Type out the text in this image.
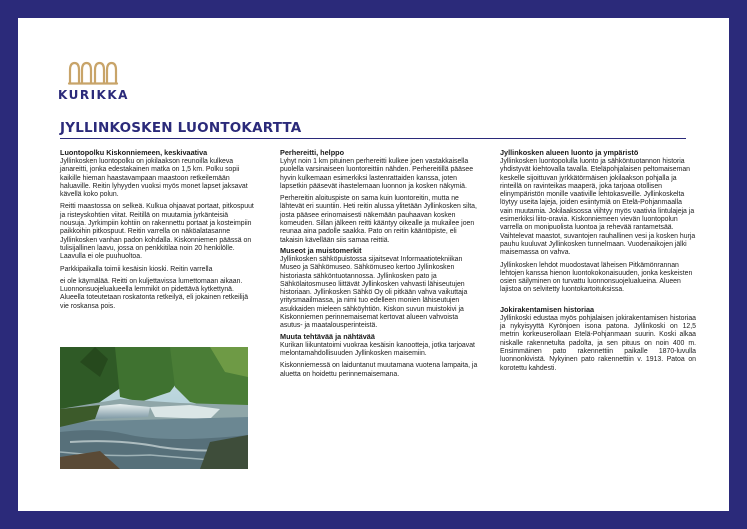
KURIKKA
JYLLINKOSKEN LUONTOKARTTA
Luontopolku Kiskonniemeen, keskivaativa

Jyllinkosken luontopolku on jokilaakson reunoilla kulkeva janareitti, jonka edestakainen matka on 1,5 km. Polku sopii kaikille hieman haastavampaan maastoon retkeilemään haluaville. Reitin lyhyyden vuoksi myös monet lapset jaksavat kävellä koko polun.

Reitti maastossa on selkeä. Kulkua ohjaavat portaat, pitkospuut ja risteyskohtien viitat. Reitillä on muutamia jyrkänteisiä nousuja. Jyrkimpiin kohtiin on rakennettu portaat ja kosteimpiin paikkoihin pitkospuut. Reitin varrella on näköalatasanne Jyllinkosken vanhan padon kohdalla. Kiskonniemen päässä on tulisijallinen laavu, jossa on penkkitilaa noin 20 henkilölle. Laavulla ei ole puuhuoltoa.

Parkkipaikalla toimii kesäisin kioski. Reitin varrella

ei ole käymälää. Reitti on kuljettavissa lumettomaan aikaan. Luonnonsuojelualueella lemmikit on pidettävä kytkettynä. Alueella toteutetaan roskatonta retkeilyä, eli jokainen retkeilijä vie roskansa pois.

Perhereitti, helppo

Lyhyt noin 1 km pituinen perhereitti kulkee joen vastakkaisella puolella varsinaiseen luontoreittiin nähden. Perhereitillä pääsee hyvin kulkemaan esimerkiksi lastenrattaiden kanssa, joten lapsetkin pääsevät ihastelemaan luonnon ja kosken näkymiä.

Perhereitin aloituspiste on sama kuin luontoreitin, mutta ne lähtevät eri suuntiin. Heti reitin alussa ylitetään Jyllinkosken silta, josta pääsee erinomaisesti näkemään pauhaavan kosken komeuden. Sillan jälkeen reitti kääntyy oikealle ja mukailee joen reunaa aina padolle saakka. Pato on reitin kääntöpiste, eli takaisin kävellään siis samaa reittiä.

Museot ja muistomerkit

Jyllinkosken sähköpuistossa sijaitsevat Informaatiotekniikan Museo ja Sähkömuseo. Sähkömuseo kertoo Jyllinkosken historiasta sähköntuotannossa. Jyllinkosken pato ja Sähkölaitosmuseo liittävät Jyllinkosken vahvasti lähiseutujen historiaan. Jyllinkosken Sähkö Oy oli pitkään vahva vaikuttaja yritysmaailmassa, ja nimi tuo edelleen monien lähiseutujen asukkaiden mieleen sähköyhtiön. Kiskon suvun muistokivi ja Kiskonniemen perinnemaisemat kertovat alueen vahvoista asutus- ja maatalousperinteistä.

Muuta tehtävää ja nähtävää

Kurikan liikuntatoimi vuokraa kesäisin kanootteja, jotka tarjoavat melontamahdollisuuden Jyllinkosken maisemiin.

Kiskonniemessä on laiduntanut muutamana vuotena lampaita, ja aluetta on hoidettu perinnemaisemana.

Jyllinkosken alueen luonto ja ympäristö

Jyllinkosken luontopolulla luonto ja sähköntuotannon historia yhdistyvät kiehtovalla tavalla. Eteläpohjalaisen peltomaiseman keskelle sijoittuvan jyrkkätörmäisen jokilaakson pohjalla ja rinteillä on ravinteikas maaperä, joka tarjoaa otollisen elinympäristön monille vaativille lehtokasveille. Jyllinkoskelta löytyy useita lajeja, joiden esiintymiä on Etelä-Pohjanmaalla vain muutamia. Jokilaaksossa viihtyy myös vaativia lintulajeja ja esimerkiksi liito-oravia. Kiskonniemeen vievän luontopolun varrella on monipuolista luontoa ja rehevää rantametsää. Vaihtelevat maastot, suvantojen rauhallinen vesi ja kosken hurja pauhu kuuluvat Jyllinkosken tunnelmaan. Vuodenaikojen jälki maisemassa on vahva.

Jyllinkosken lehdot muodostavat läheisen Pitkämönrannan lehtojen kanssa hienon luontokokonaisuuden, jonka keskeisten osien säilyminen on turvattu luonnonsuojelualueina. Alueen lajistoa on selvitetty luontokartoituksissa.

Jokirakentamisen historiaa

Jyllinkoski edustaa myös pohjalaisen jokirakentamisen historiaa ja nykyisyyttä Kyrönjoen isona patona. Jyllinkoski on 12,5 metrin korkeuserollaan Etelä-Pohjanmaan suurin. Koski alkaa niskalle rakennetulta padolta, ja sen pituus on noin 400 m. Ensimmäinen pato rakennettiin paikalle 1870-luvulla luonnonkivistä. Nykyinen pato rakennettiin v. 1913. Patoa on korotettu kahdesti.
